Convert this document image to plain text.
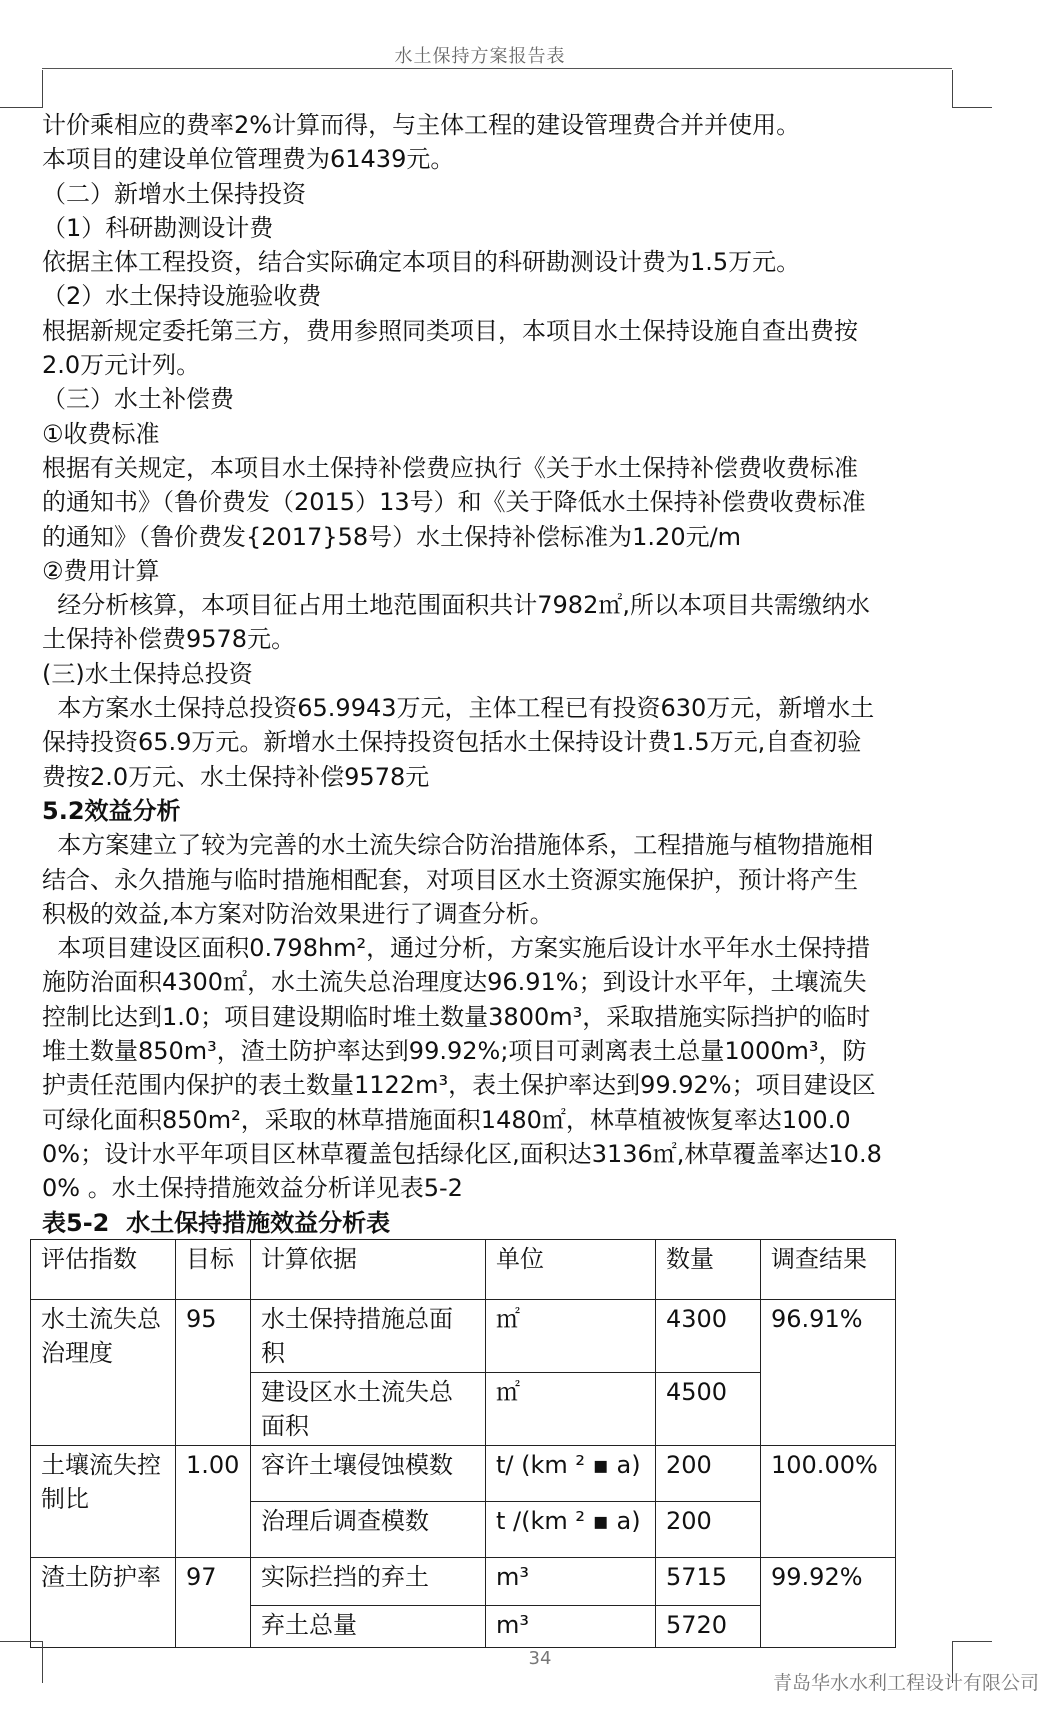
水土保持方案报告表

计价乘相应的费率2%计算而得，与主体工程的建设管理费合并并使用。

本项目的建设单位管理费为61439元。

（二）新增水土保持投资

（1）科研勘测设计费

依据主体工程投资，结合实际确定本项目的科研勘测设计费为1.5万元。

（2）水土保持设施验收费

根据新规定委托第三方，费用参照同类项目，本项目水土保持设施自查出费按

2.0万元计列。

（三）水土补偿费

①收费标准

根据有关规定，本项目水土保持补偿费应执行《关于水土保持补偿费收费标准

的通知书》（鲁价费发（2015）13号）和《关于降低水土保持补偿费收费标准

的通知》（鲁价费发{2017}58号）水土保持补偿标准为1.20元/m

②费用计算

经分析核算，本项目征占用土地范围面积共计7982㎡,所以本项目共需缴纳水

土保持补偿费9578元。

(三)水土保持总投资

本方案水土保持总投资65.9943万元，主体工程已有投资630万元，新增水土

保持投资65.9万元。新增水土保持投资包括水土保持设计费1.5万元,自查初验

费按2.0万元、水土保持补偿9578元

5.2效益分析

本方案建立了较为完善的水土流失综合防治措施体系，工程措施与植物措施相

结合、永久措施与临时措施相配套，对项目区水土资源实施保护，预计将产生

积极的效益,本方案对防治效果进行了调查分析。

本项目建设区面积0.798hm²，通过分析，方案实施后设计水平年水土保持措

施防治面积4300㎡，水土流失总治理度达96.91%；到设计水平年，土壤流失

控制比达到1.0；项目建设期临时堆土数量3800m³，采取措施实际挡护的临时

堆土数量850m³，渣土防护率达到99.92%;项目可剥离表土总量1000m³，防

护责任范围内保护的表土数量1122m³，表土保护率达到99.92%；项目建设区

可绿化面积850m²，采取的林草措施面积1480㎡，林草植被恢复率达100.0

0%；设计水平年项目区林草覆盖包括绿化区,面积达3136㎡,林草覆盖率达10.8

0% 。水土保持措施效益分析详见表5-2

表5-2  水土保持措施效益分析表

评估指数	目标	计算依据	单位	数量	调查结果
水土流失总
治理度	95	水土保持措施总面
积	㎡	4300	96.91%
		建设区水土流失总
面积	㎡	4500	
土壤流失控
制比	1.00	容许土壤侵蚀模数	t/ (km ² ▪ a)	200	100.00%
		治理后调查模数	t /(km ² ▪ a)	200	
渣土防护率	97	实际拦挡的弃土	m³	5715	99.92%
		弃土总量	m³	5720	
34
青岛华水水利工程设计有限公司
